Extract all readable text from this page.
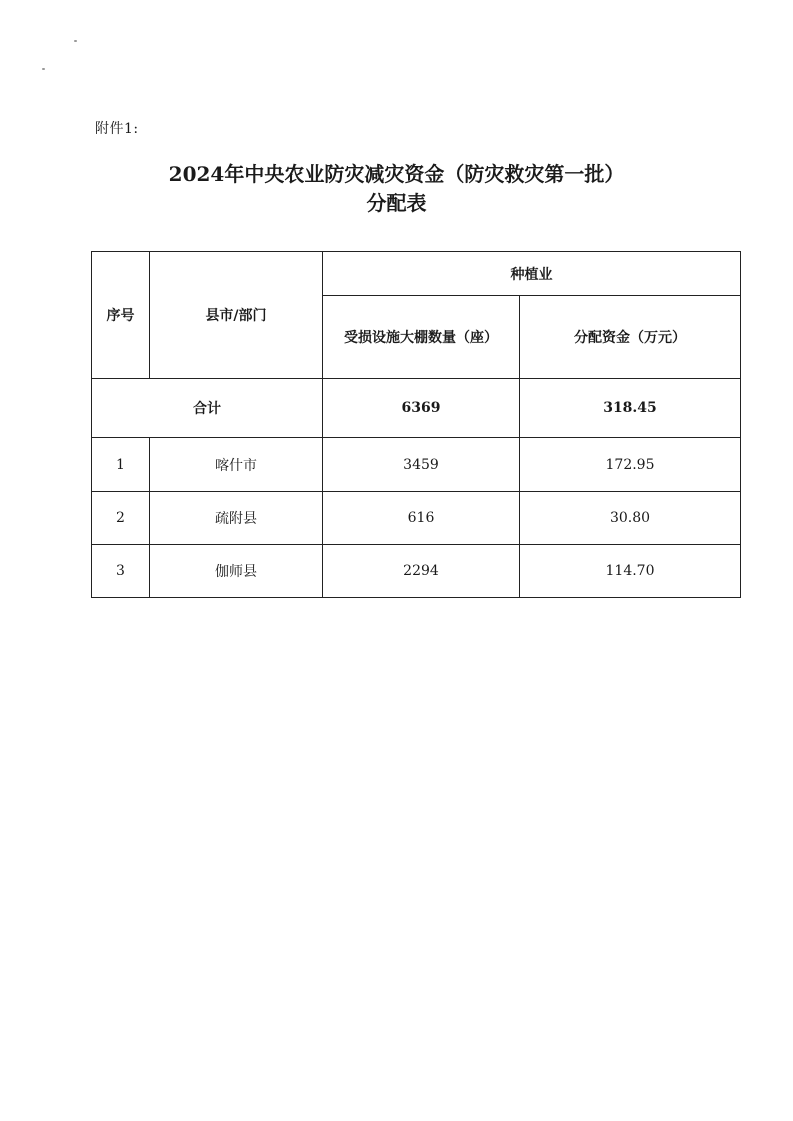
附件1:
2024年中央农业防灾减灾资金（防灾救灾第一批）
分配表
序号	县市/部门	种植业	
		受损设施大棚数量（座）	分配资金（万元）
合计		6369	318.45
1	喀什市	3459	172.95
2	疏附县	616	30.80
3	伽师县	2294	114.70
